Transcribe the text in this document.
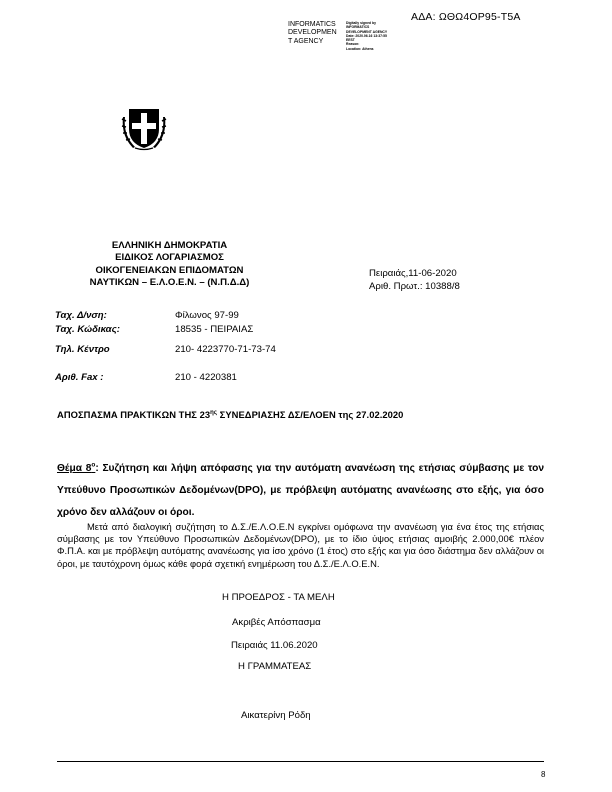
ΑΔΑ: ΩΘΩ4ΟΡ95-Τ5Α
INFORMATICS
DEVELOPMEN
T AGENCY
Digitally signed by
INFORMATICS
DEVELOPMENT AGENCY
Date: 2020.06.16 13:37:55
EEST
Reason:
Location: Athens
ΕΛΛΗΝΙΚΗ ΔΗΜΟΚΡΑΤΙΑ
ΕΙΔΙΚΟΣ ΛΟΓΑΡΙΑΣΜΟΣ
ΟΙΚΟΓΕΝΕΙΑΚΩΝ ΕΠΙΔΟΜΑΤΩΝ
ΝΑΥΤΙΚΩΝ – Ε.Λ.Ο.Ε.Ν. – (Ν.Π.Δ.Δ)
Πειραιάς,11-06-2020
Αριθ. Πρωτ.: 10388/8
Ταχ. Δ/νση:	Φίλωνος 97-99
Ταχ. Κώδικας:	18535 - ΠΕΙΡΑΙΑΣ
Τηλ. Κέντρο	210- 4223770-71-73-74
Αριθ. Fax :	210 - 4220381
ΑΠΟΣΠΑΣΜΑ ΠΡΑΚΤΙΚΩΝ ΤΗΣ $23^{\eta\varsigma}$ ΣΥΝΕΔΡΙΑΣΗΣ ΔΣ/ΕΛΟΕΝ της 27.02.2020
Θέμα $8^o$: Συζήτηση και λήψη απόφασης για την αυτόματη ανανέωση της ετήσιας σύμβασης με τον Υπεύθυνο Προσωπικών Δεδομένων(DPO), με πρόβλεψη αυτόματης ανανέωσης στο εξής, για όσο χρόνο δεν αλλάζουν οι όροι.
Μετά από διαλογική συζήτηση το Δ.Σ./Ε.Λ.Ο.Ε.Ν εγκρίνει ομόφωνα την ανανέωση για ένα έτος της ετήσιας σύμβασης με τον Υπεύθυνο Προσωπικών Δεδομένων(DPO), με το ίδιο ύψος ετήσιας αμοιβής 2.000,00€ πλέον Φ.Π.Α. και με πρόβλεψη αυτόματης ανανέωσης για ίσο χρόνο (1 έτος) στο εξής και για όσο διάστημα δεν αλλάζουν οι όροι, με ταυτόχρονη όμως κάθε φορά σχετική ενημέρωση του Δ.Σ./Ε.Λ.Ο.Ε.Ν.
Η ΠΡΟΕΔΡΟΣ - ΤΑ ΜΕΛΗ
Ακριβές Απόσπασμα
Πειραιάς 11.06.2020
Η ΓΡΑΜΜΑΤΕΑΣ
Αικατερίνη Ρόδη
8
